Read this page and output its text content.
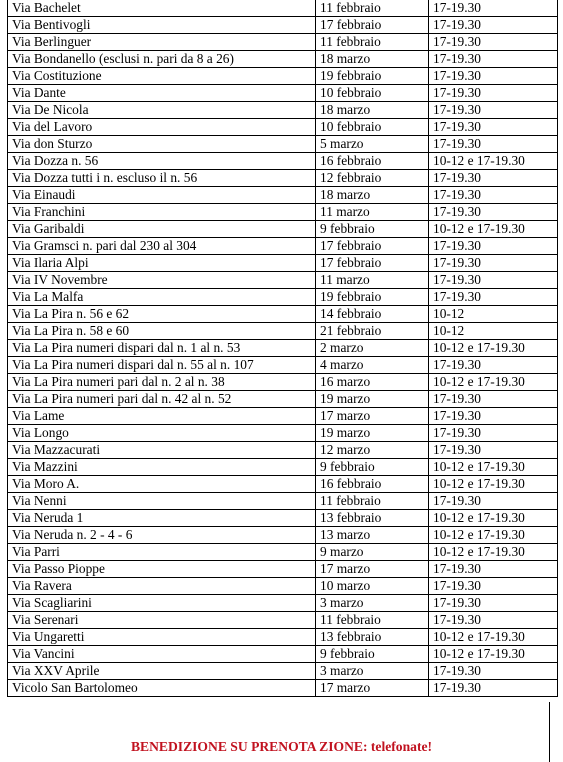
Via Bachelet	11 febbraio	17-19.30
Via Bentivogli	17 febbraio	17-19.30
Via Berlinguer	11 febbraio	17-19.30
Via Bondanello (esclusi n. pari da 8 a 26)	18 marzo	17-19.30
Via Costituzione	19 febbraio	17-19.30
Via Dante	10 febbraio	17-19.30
Via De Nicola	18 marzo	17-19.30
Via del Lavoro	10 febbraio	17-19.30
Via don Sturzo	5 marzo	17-19.30
Via Dozza n. 56	16 febbraio	10-12 e 17-19.30
Via Dozza tutti i n. escluso il n. 56	12 febbraio	17-19.30
Via Einaudi	18 marzo	17-19.30
Via Franchini	11 marzo	17-19.30
Via Garibaldi	9 febbraio	10-12 e 17-19.30
Via Gramsci n. pari dal 230 al 304	17 febbraio	17-19.30
Via Ilaria Alpi	17 febbraio	17-19.30
Via IV Novembre	11 marzo	17-19.30
Via La Malfa	19 febbraio	17-19.30
Via La Pira n. 56 e 62	14 febbraio	10-12
Via La Pira n. 58 e 60	21 febbraio	10-12
Via La Pira numeri dispari dal n. 1 al n. 53	2 marzo	10-12 e 17-19.30
Via La Pira numeri dispari dal n. 55 al n. 107	4 marzo	17-19.30
Via La Pira numeri pari dal n. 2 al n. 38	16 marzo	10-12 e 17-19.30
Via La Pira numeri pari dal n. 42 al n. 52	19 marzo	17-19.30
Via Lame	17 marzo	17-19.30
Via Longo	19 marzo	17-19.30
Via Mazzacurati	12 marzo	17-19.30
Via Mazzini	9 febbraio	10-12 e 17-19.30
Via Moro A.	16 febbraio	10-12 e 17-19.30
Via Nenni	11 febbraio	17-19.30
Via Neruda 1	13 febbraio	10-12 e 17-19.30
Via Neruda n. 2 - 4 - 6	13 marzo	10-12 e 17-19.30
Via Parri	9 marzo	10-12 e 17-19.30
Via Passo Pioppe	17 marzo	17-19.30
Via Ravera	10 marzo	17-19.30
Via Scagliarini	3 marzo	17-19.30
Via Serenari	11 febbraio	17-19.30
Via Ungaretti	13 febbraio	10-12 e 17-19.30
Via Vancini	9 febbraio	10-12 e 17-19.30
Via XXV Aprile	3 marzo	17-19.30
Vicolo San Bartolomeo	17 marzo	17-19.30
BENEDIZIONE SU PRENOTA ZIONE: telefonate!
